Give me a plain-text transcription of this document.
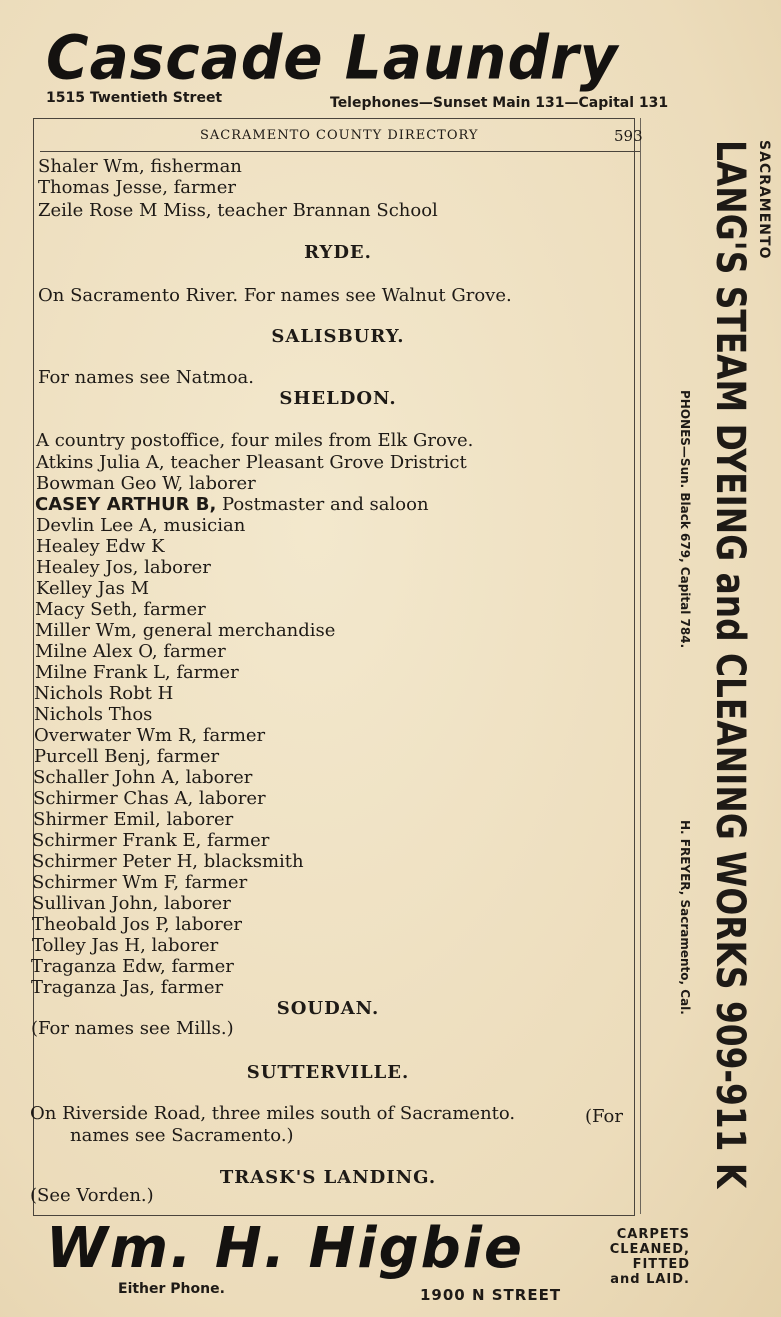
Cascade Laundry
1515 Twentieth Street	Telephones—Sunset Main 131—Capital 131
SACRAMENTO COUNTY DIRECTORY	593
Shaler Wm, fisherman
Thomas Jesse, farmer
Zeile Rose M Miss, teacher Brannan School
RYDE.
On Sacramento River. For names see Walnut Grove.
SALISBURY.
For names see Natmoa.
SHELDON.
A country postoffice, four miles from Elk Grove.
Atkins Julia A, teacher Pleasant Grove Dristrict
Bowman Geo W, laborer
CASEY ARTHUR B, Postmaster and saloon
Devlin Lee A, musician
Healey Edw K
Healey Jos, laborer
Kelley Jas M
Macy Seth, farmer
Miller Wm, general merchandise
Milne Alex O, farmer
Milne Frank L, farmer
Nichols Robt H
Nichols Thos
Overwater Wm R, farmer
Purcell Benj, farmer
Schaller John A, laborer
Schirmer Chas A, laborer
Shirmer Emil, laborer
Schirmer Frank E, farmer
Schirmer Peter H, blacksmith
Schirmer Wm F, farmer
Sullivan John, laborer
Theobald Jos P, laborer
Tolley Jas H, laborer
Traganza Edw, farmer
Traganza Jas, farmer
SOUDAN.
(For names see Mills.)
SUTTERVILLE.
On Riverside Road, three miles south of Sacramento.	(For
names see Sacramento.)
TRASK'S LANDING.
(See Vorden.)
SACRAMENTO
LANG'S STEAM DYEING and CLEANING WORKS 909-911 K
PHONES—Sun. Black 679, Capital 784.
H. FREYER, Sacramento, Cal.
Wm. H. Higbie
Either Phone.	1900 N STREET
CARPETS
CLEANED,
FITTED
and LAID.
